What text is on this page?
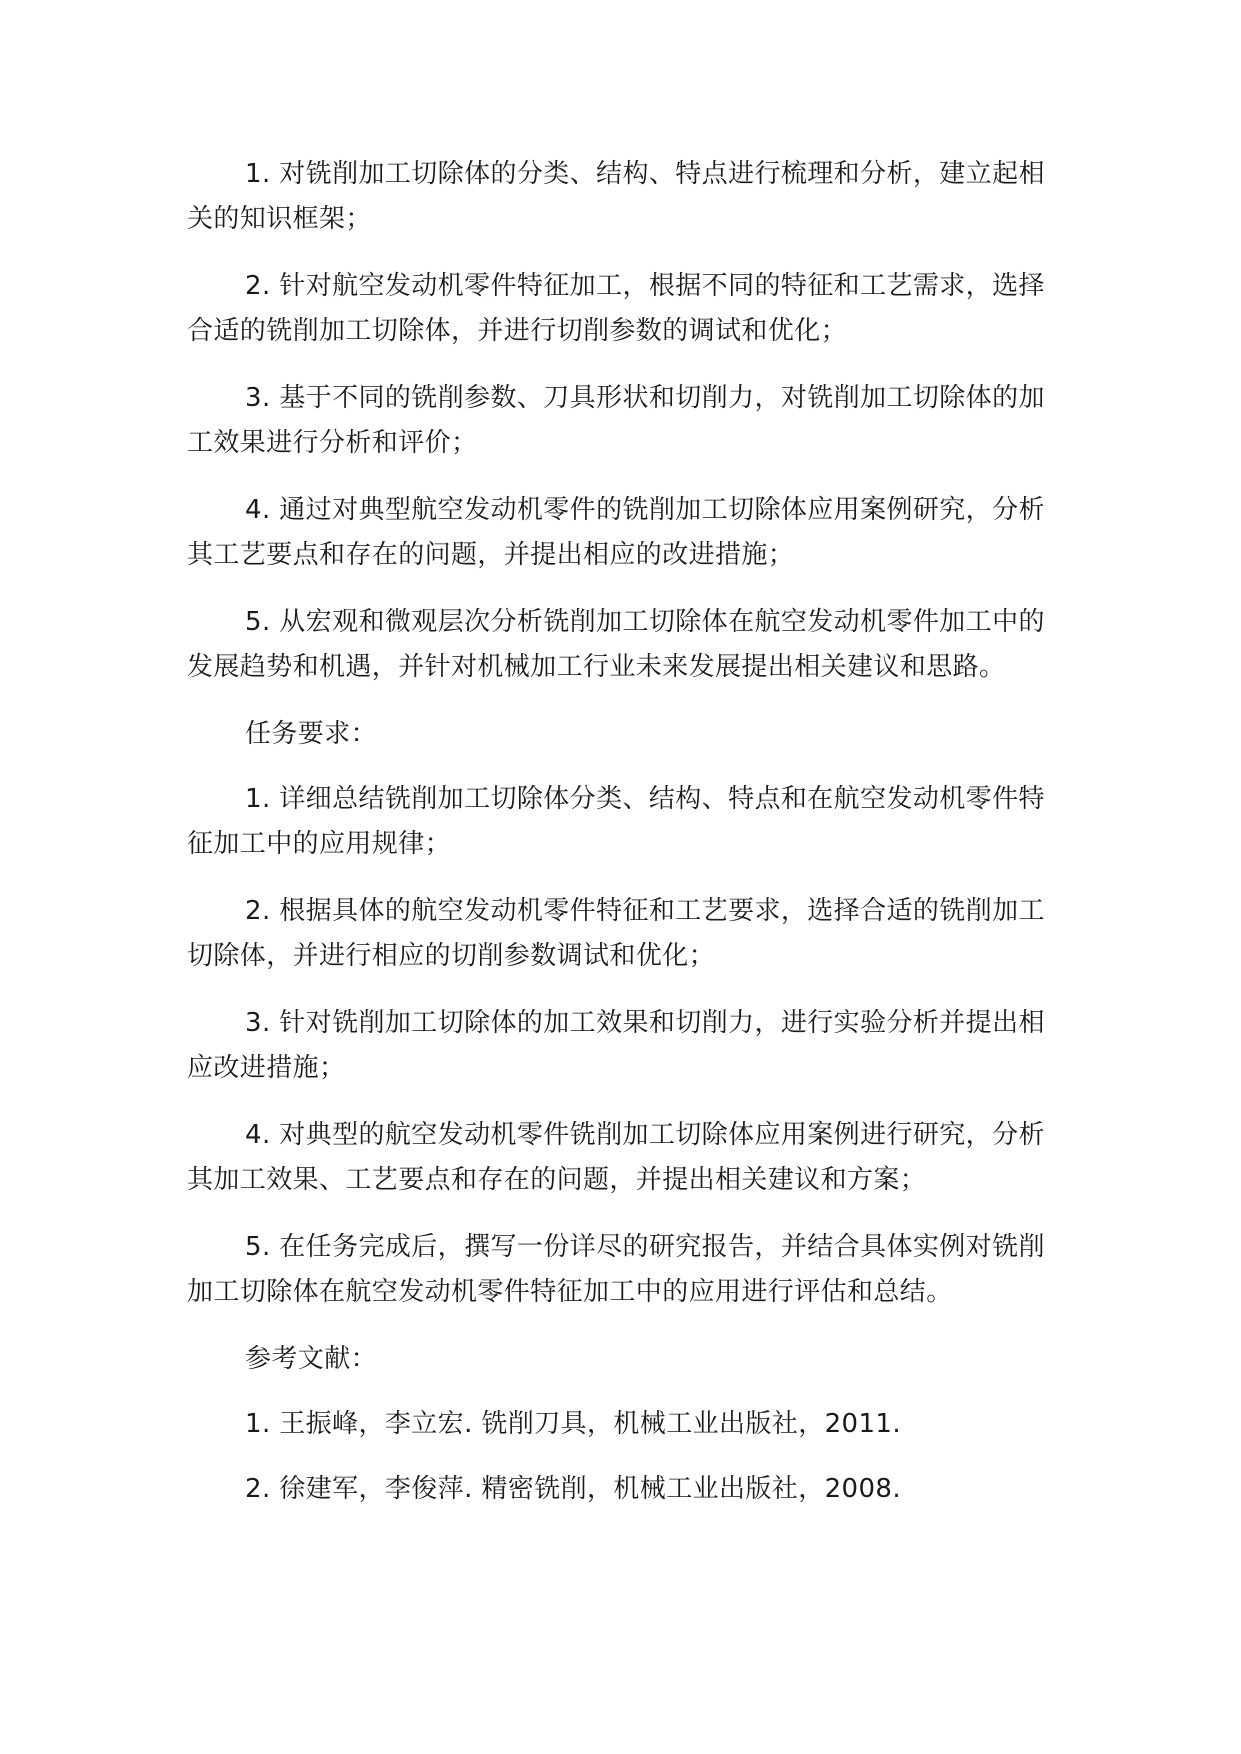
1. 对铣削加工切除体的分类、结构、特点进行梳理和分析，建立起相关的知识框架；

2. 针对航空发动机零件特征加工，根据不同的特征和工艺需求，选择合适的铣削加工切除体，并进行切削参数的调试和优化；

3. 基于不同的铣削参数、刀具形状和切削力，对铣削加工切除体的加工效果进行分析和评价；

4. 通过对典型航空发动机零件的铣削加工切除体应用案例研究，分析其工艺要点和存在的问题，并提出相应的改进措施；

5. 从宏观和微观层次分析铣削加工切除体在航空发动机零件加工中的发展趋势和机遇，并针对机械加工行业未来发展提出相关建议和思路。

任务要求：

1. 详细总结铣削加工切除体分类、结构、特点和在航空发动机零件特征加工中的应用规律；

2. 根据具体的航空发动机零件特征和工艺要求，选择合适的铣削加工切除体，并进行相应的切削参数调试和优化；

3. 针对铣削加工切除体的加工效果和切削力，进行实验分析并提出相应改进措施；

4. 对典型的航空发动机零件铣削加工切除体应用案例进行研究，分析其加工效果、工艺要点和存在的问题，并提出相关建议和方案；

5. 在任务完成后，撰写一份详尽的研究报告，并结合具体实例对铣削加工切除体在航空发动机零件特征加工中的应用进行评估和总结。

参考文献：

1. 王振峰，李立宏. 铣削刀具，机械工业出版社，2011.

2. 徐建军，李俊萍. 精密铣削，机械工业出版社，2008.
